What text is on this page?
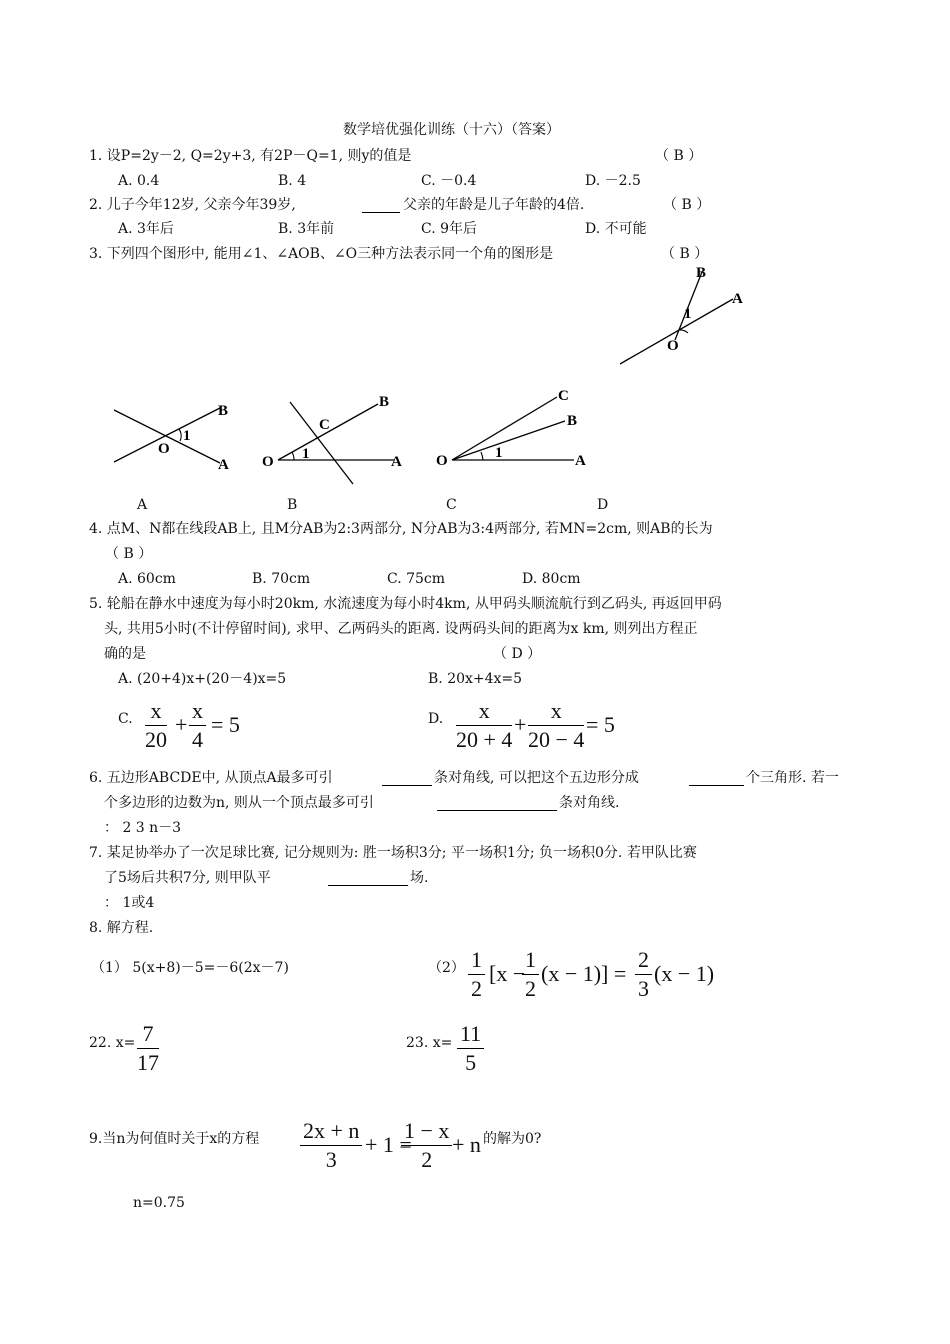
数学培优强化训练（十六）（答案）
1. 设P=2y－2, Q=2y+3, 有2P－Q=1, 则y的值是	（ B ）
A. 0.4	B. 4	C. －0.4	D. －2.5
2. 儿子今年12岁, 父亲今年39岁,	父亲的年龄是儿子年龄的4倍.	（ B ）
A. 3年后	B. 3年前	C. 9年后	D. 不可能
3. 下列四个图形中, 能用∠1、∠AOB、∠O三种方法表示同一个角的图形是	（ B ）
B
A
1
O
B
1
O
A
B
C
1
O	A
C
B
1
O	A
A	B	C	D
4. 点M、N都在线段AB上, 且M分AB为2:3两部分, N分AB为3:4两部分, 若MN=2cm, 则AB的长为
（ B ）
A. 60cm	B. 70cm	C. 75cm	D. 80cm
5. 轮船在静水中速度为每小时20km, 水流速度为每小时4km, 从甲码头顺流航行到乙码头, 再返回甲码
头, 共用5小时(不计停留时间), 求甲、乙两码头的距离. 设两码头间的距离为x km, 则列出方程正
确的是	（ D ）
A. (20+4)x+(20－4)x=5	B. 20x+4x=5
C. $\frac{x}{20} + \frac{x}{4} = 5$	D. $\frac{x}{20 + 4} + \frac{x}{20 - 4} = 5$
6. 五边形ABCDE中, 从顶点A最多可引	条对角线, 可以把这个五边形分成	个三角形. 若一
个多边形的边数为n, 则从一个顶点最多可引	条对角线.
： 2 3 n－3
7. 某足协举办了一次足球比赛, 记分规则为: 胜一场积3分; 平一场积1分; 负一场积0分. 若甲队比赛
了5场后共积7分, 则甲队平	场.
： 1或4
8. 解方程.
（1） 5(x+8)－5=－6(2x－7)	$(2) \frac{1}{2} [x$ −
$\frac{1}{2} (x - 1)] = \frac{2}{3} (x - 1)$
22. $x= \frac{7}{17}$	23. $x= \frac{11}{5}$
9.当n为何值时关于x的方程 $\frac{2x + n}{3} + 1$ =
$\frac{1 - x}{2} + n$ 的解为0?
n=0.75
